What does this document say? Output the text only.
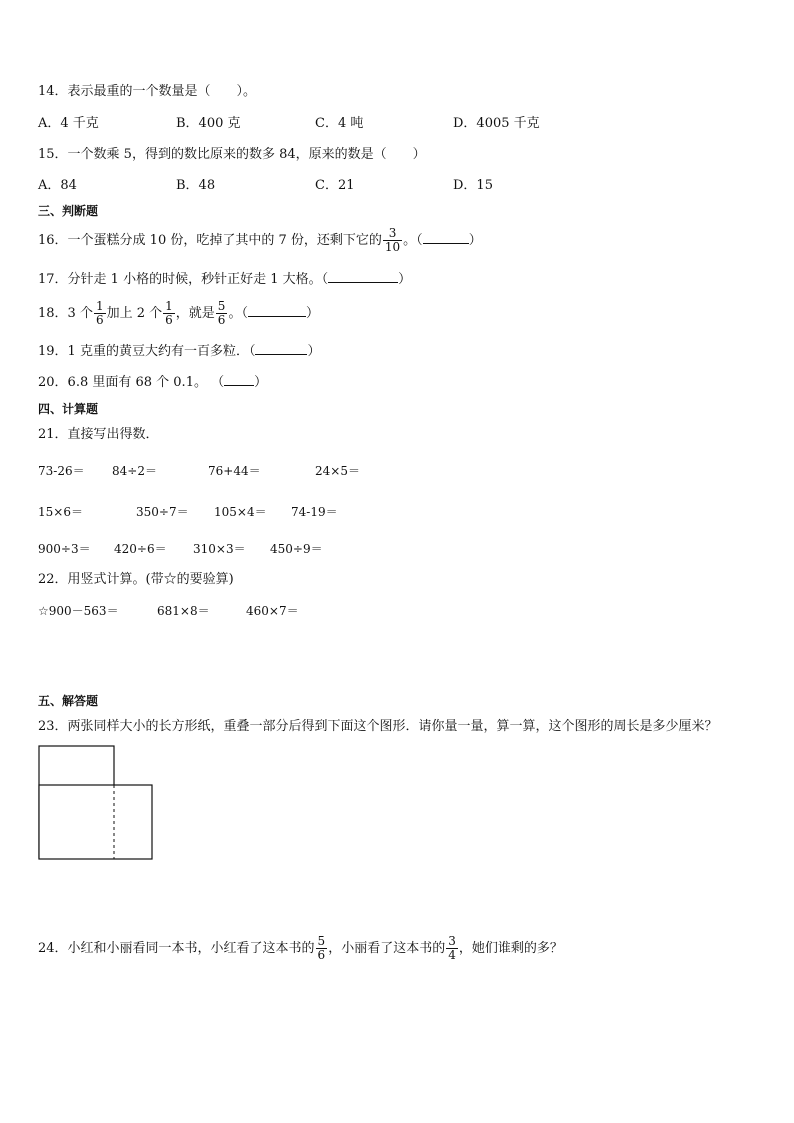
14．表示最重的一个数量是（　　）。
A．4 千克	B．400 克	C．4 吨	D．4005 千克
15．一个数乘 5，得到的数比原来的数多 84，原来的数是（　　）
A．84	B．48	C．21	D．15
三、判断题
16．一个蛋糕分成 10 份，吃掉了其中的 7 份，还剩下它的 $\frac{3}{10}$ 。（	）
17．分针走 1 小格的时候，秒针正好走 1 大格。（	）
18．3 个 $\frac{1}{6}$ 加上 2 个 $\frac{1}{6}$ ，就是 $\frac{5}{6}$ 。（	）
19．1 克重的黄豆大约有一百多粒．（	）
20．6.8 里面有 68 个 0.1。 （ ）
四、计算题
21．直接写出得数．
73-26＝ 84÷2＝	76+44＝	24×5＝
15×6＝	350÷7＝ 105×4＝ 74-19＝
900÷3＝ 420÷6＝ 310×3＝ 450÷9＝
22．用竖式计算。(带☆的要验算)
☆900－563＝	681×8＝	460×7＝
五、解答题
23．两张同样大小的长方形纸，重叠一部分后得到下面这个图形．请你量一量，算一算，这个图形的周长是多少厘米？
24．小红和小丽看同一本书，小红看了这本书的 $\frac{5}{6}$ ，小丽看了这本书的 $\frac{3}{4}$ ，她们谁剩的多？
